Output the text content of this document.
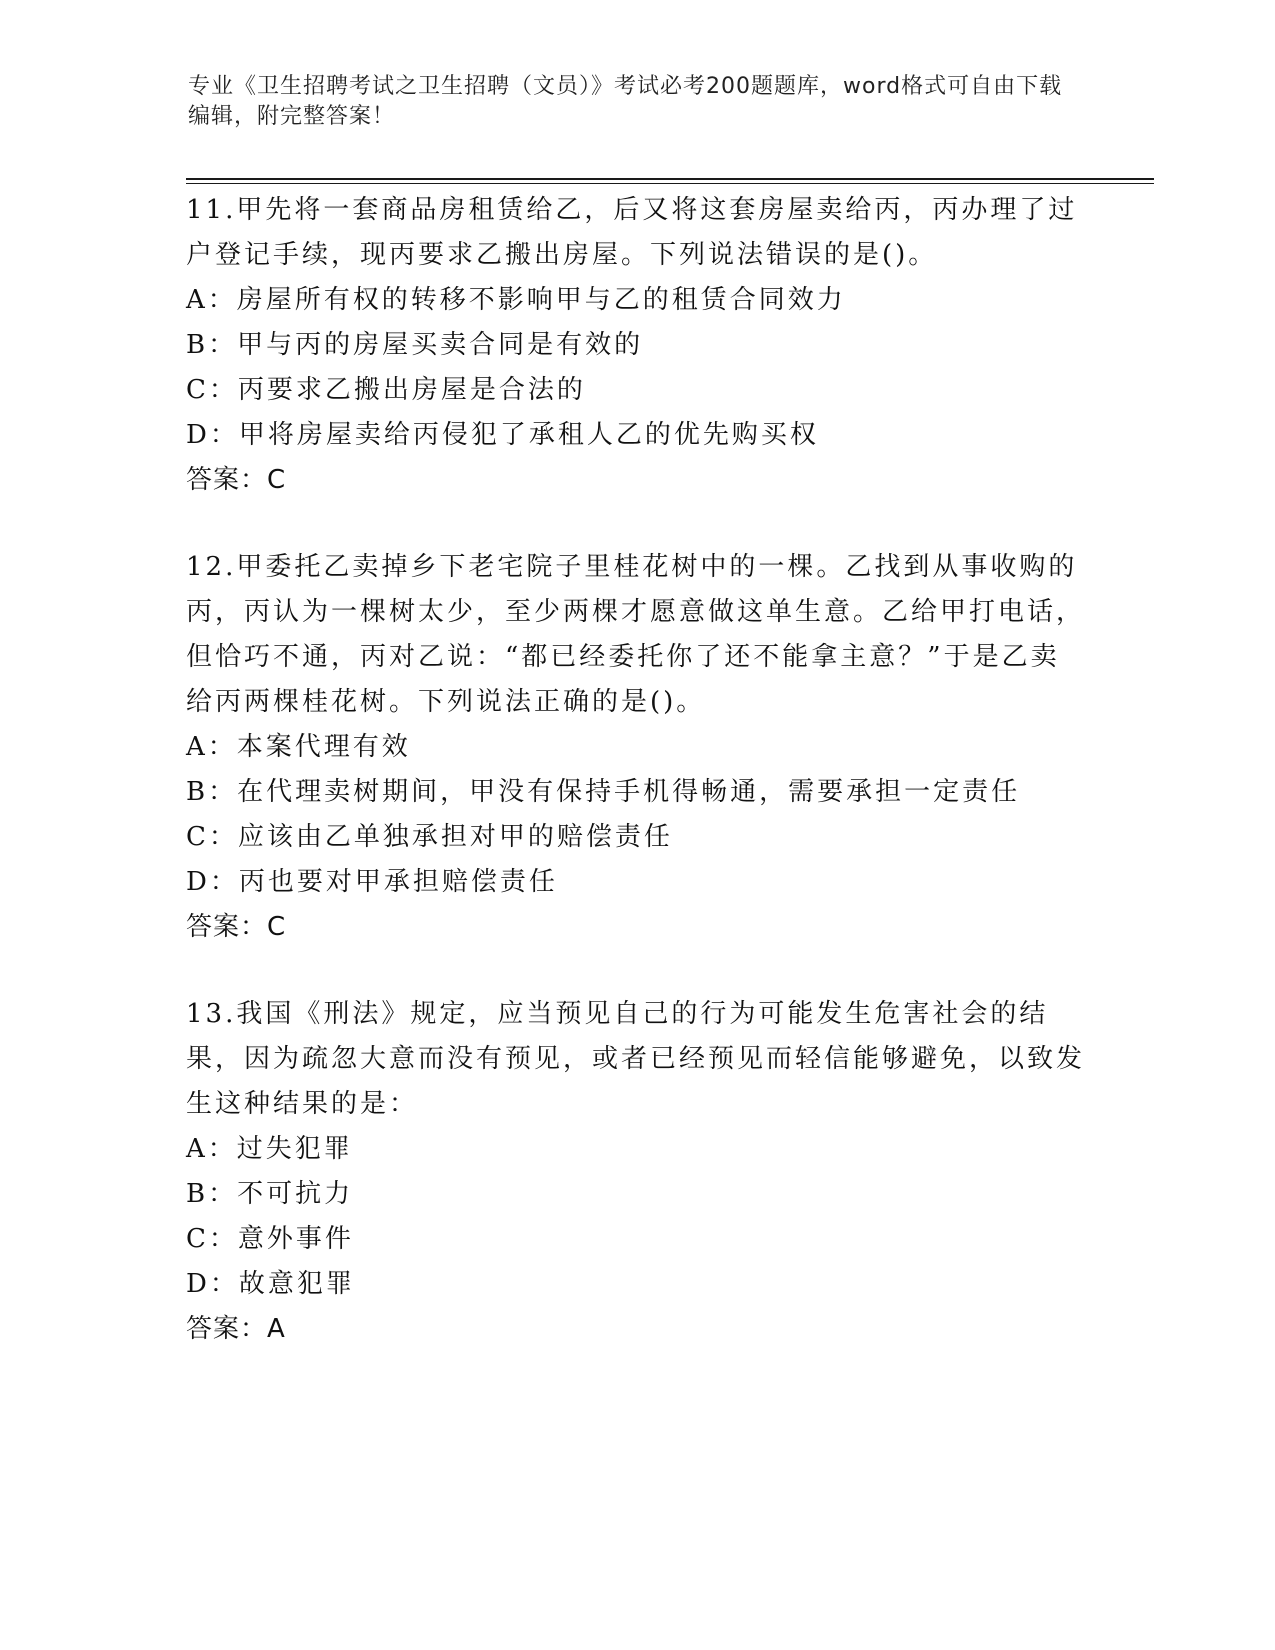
专业《卫生招聘考试之卫生招聘（文员）》考试必考200题题库，word格式可自由下载编辑，附完整答案！

11.甲先将一套商品房租赁给乙，后又将这套房屋卖给丙，丙办理了过户登记手续，现丙要求乙搬出房屋。下列说法错误的是()。

A：房屋所有权的转移不影响甲与乙的租赁合同效力

B：甲与丙的房屋买卖合同是有效的

C：丙要求乙搬出房屋是合法的

D：甲将房屋卖给丙侵犯了承租人乙的优先购买权

答案：C

12.甲委托乙卖掉乡下老宅院子里桂花树中的一棵。乙找到从事收购的丙，丙认为一棵树太少，至少两棵才愿意做这单生意。乙给甲打电话，但恰巧不通，丙对乙说：“都已经委托你了还不能拿主意？”于是乙卖给丙两棵桂花树。下列说法正确的是()。

A：本案代理有效

B：在代理卖树期间，甲没有保持手机得畅通，需要承担一定责任

C：应该由乙单独承担对甲的赔偿责任

D：丙也要对甲承担赔偿责任

答案：C

13.我国《刑法》规定，应当预见自己的行为可能发生危害社会的结果，因为疏忽大意而没有预见，或者已经预见而轻信能够避免，以致发生这种结果的是：

A：过失犯罪

B：不可抗力

C：意外事件

D：故意犯罪

答案：A
